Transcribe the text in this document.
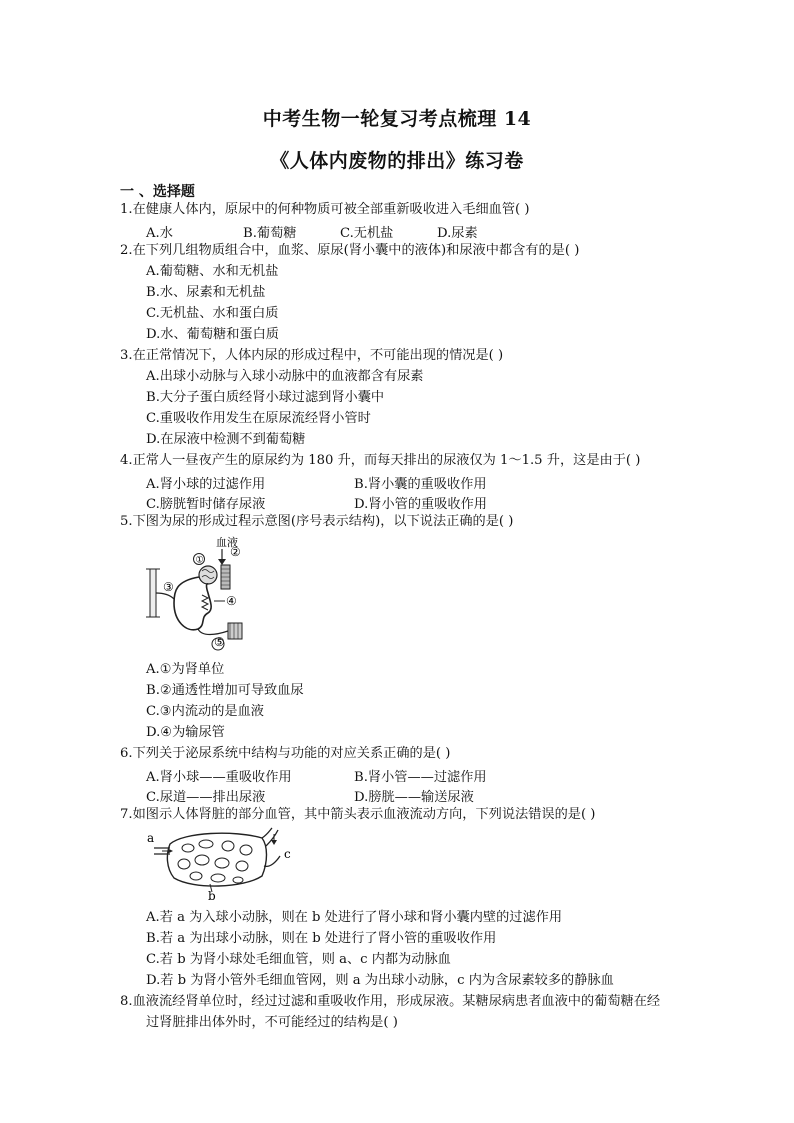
中考生物一轮复习考点梳理 14
《人体内废物的排出》练习卷
一 、选择题
1.在健康人体内，原尿中的何种物质可被全部重新吸收进入毛细血管( )
A.水	B.葡萄糖	C.无机盐	D.尿素
2.在下列几组物质组合中，血浆、原尿(肾小囊中的液体)和尿液中都含有的是( )
A.葡萄糖、水和无机盐
B.水、尿素和无机盐
C.无机盐、水和蛋白质
D.水、葡萄糖和蛋白质
3.在正常情况下，人体内尿的形成过程中，不可能出现的情况是( )
A.出球小动脉与入球小动脉中的血液都含有尿素
B.大分子蛋白质经肾小球过滤到肾小囊中
C.重吸收作用发生在原尿流经肾小管时
D.在尿液中检测不到葡萄糖
4.正常人一昼夜产生的原尿约为 180 升，而每天排出的尿液仅为 1～1.5 升，这是由于( )
A.肾小球的过滤作用	B.肾小囊的重吸收作用
C.膀胱暂时储存尿液	D.肾小管的重吸收作用
5.下图为尿的形成过程示意图(序号表示结构)，以下说法正确的是( )
血液
①
②
③
④
⑤
A.①为肾单位
B.②通透性增加可导致血尿
C.③内流动的是血液
D.④为输尿管
6.下列关于泌尿系统中结构与功能的对应关系正确的是( )
A.肾小球——重吸收作用	B.肾小管——过滤作用
C.尿道——排出尿液	D.膀胱——输送尿液
7.如图示人体肾脏的部分血管，其中箭头表示血液流动方向，下列说法错误的是( )
a
c
b
A.若 a 为入球小动脉，则在 b 处进行了肾小球和肾小囊内壁的过滤作用
B.若 a 为出球小动脉，则在 b 处进行了肾小管的重吸收作用
C.若 b 为肾小球处毛细血管，则 a、c 内都为动脉血
D.若 b 为肾小管外毛细血管网，则 a 为出球小动脉，c 内为含尿素较多的静脉血
8.血液流经肾单位时，经过过滤和重吸收作用，形成尿液。某糖尿病患者血液中的葡萄糖在经
过肾脏排出体外时，不可能经过的结构是( )
